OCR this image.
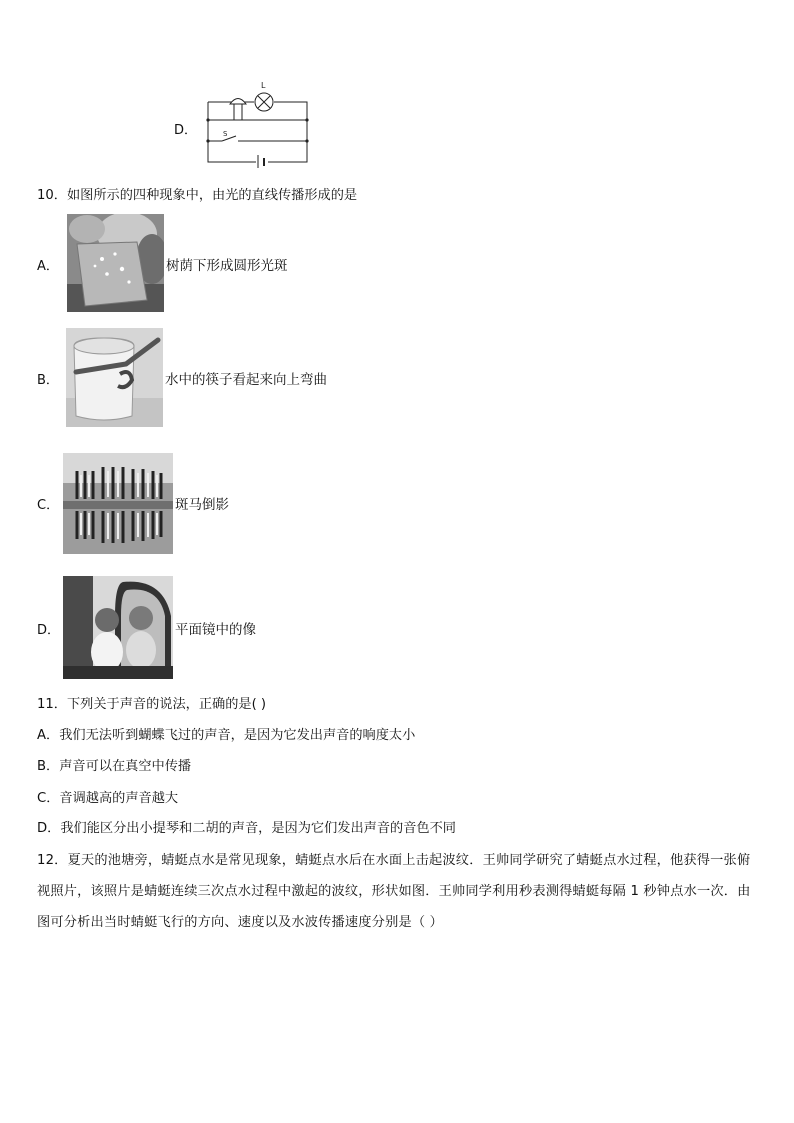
D．
L
S
10．如图所示的四种现象中，由光的直线传播形成的是
A．	树荫下形成圆形光斑
B．	水中的筷子看起来向上弯曲
C．	斑马倒影
D．	平面镜中的像
11．下列关于声音的说法，正确的是( )
A．我们无法听到蝴蝶飞过的声音，是因为它发出声音的响度太小
B．声音可以在真空中传播
C．音调越高的声音越大
D．我们能区分出小提琴和二胡的声音，是因为它们发出声音的音色不同
12．夏天的池塘旁，蜻蜓点水是常见现象，蜻蜓点水后在水面上击起波纹．王帅同学研究了蜻蜓点水过程，他获得一张俯视照片，该照片是蜻蜓连续三次点水过程中激起的波纹，形状如图．王帅同学利用秒表测得蜻蜓每隔 1 秒钟点水一次．由图可分析出当时蜻蜓飞行的方向、速度以及水波传播速度分别是（ ）
